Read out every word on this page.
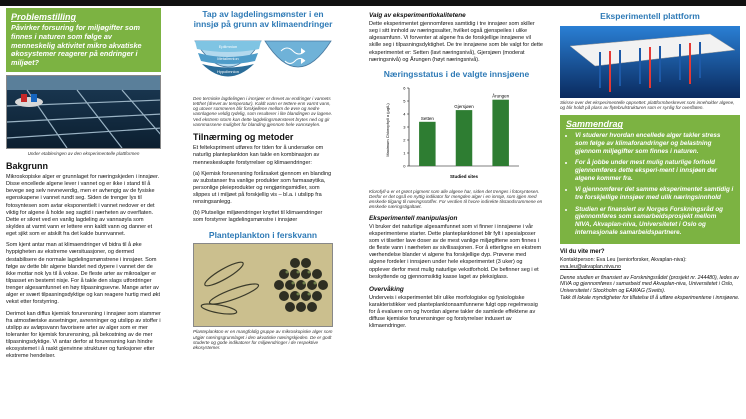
Problemstilling
Påvirker forsuring for miljøgifter som finnes i naturen som følge av menneskelig aktivitet mikro akvatiske økosystemer reagerer på endringer i miljøet?
Under etableringen av den eksperimentelle plattformen
Bakgrunn

Mikroskopiske alger er grunnlaget for næringskjeden i innsjøer. Disse encellede algene lever i vannet og er ikke i stand til å bevege seg selv nevneverdig, men er avhengig av de fysiske egenskapene i vannet rundt seg. Siden de trenger lys til fotosyntesen som avtar eksponentielt i vannet nedover er det viktig for algene å holde seg sagtid i nærheten av overflaten. Dette er sikret ved en vanlig lagdeling av vannsøyla som skyldes at varmt vann er lettere enn kaldt vann og danner et eget sjikt som er atskilt fra det kalde bunnvannet.

Som kjent antar man at klimaendringer vil bidra til å øke hyppigheten av ekstreme værsituasjoner, og dermed destabilisere de normale lagdelingsmønstrene i innsjøer. Som følge av dette blir algene blandet ned dypere i vannet der de ikke mottar nok lys til å vokse. De fleste arter av mikroalger er tilpasset en bestemt nisje. For å takle den slags utfordringer trenger algesamfunnet en høy tilpasningsevne. Mange arter av alger er svært tilpasningsdyktige og kan reagere hurtig med økt vekst etter forstyrring.

Derimot kan diffus kjemisk forurensning i innsjøer som stammer fra atmosfæriske avsetninger, avrenninger og utslipp av stoffer i utslipp av avløpsvann favorisere arter av alger som er mer toleranter for kjemisk forurensning, på bekostning av de mer tilpasningsdyktige. Vi antar derfor at forurensning kan hindre ekosystemet i å raskt gjenvinne strukturer og funksjoner etter ekstreme hendelser.

Tap av lagdelingsmønster i en innsjø på grunn av klimaendringer
Epilimnion
Metalimnion
Hypolimnion
Den termiske lagdelingen i innsjøer er drevet av endringer i vannets tetthet (drevet av temperatur). Kaldt vann er tettere enn varmt vann, og utover sommeren blir forskjellene mellom de øvre og nedre vannlagene veldig tydelig, som resulterer i lite blandingen av lagene. Ved ekstrem storm kan dette lagdelingsmønsteret brytes ned og gir vannmassene mulighet for blanding gjennom hele vannsøylen.
Tilnærming og metoder

Et feltekspriment utføres for tiden for å undersøke om naturlig planteplankton kan takle en kombinasjon av menneskeskapte forstyrrelser og klimaendringer:

(a) Kjemisk forurensning forårsaket gjennom en blanding av substanser fra vanlige produkter som farmasøytika, personlige pleieprodukter og rengjøringsmidler, som slippes ut i miljøet på forskjellig vis – bl.a. i utslipp fra rensingsanlegg.

(b) Plutselige miljøendringer knyttet til klimaendringer som forstyrrer lagdelingsmønstre i innsjøer

Planteplankton i ferskvann
Planteplankton er en mangfoldig gruppe av mikroskopiske alger som utgjør næringsgrunnlaget i den akvatiske næringskjeden. De er godt studerte og gode indikatorer for miljøendringer i de respektive økosystemer.
Valg av eksperimentlokalitetene
Dette eksperimentet gjennomføres samtidig i tre innsjøer som skiller seg i sitt innhold av næringssalter, hvilket også gjenspeiles i ulike algesamfunn. Vi forventer at algene fra de forskjellige innsjøene vil skille seg i tilpasningsdyktighet. De tre innsjøene som ble valgt for dette eksperimentet er: Setten (lavt næringsnivå), Gjersjøen (moderat næringsnivå) og Årungen (høyt næringsnivå).
Næringsstatus i de valgte innsjøene
0
1
2
3
4
5
6
Setten
Gjersjøen
Årungen
Maximum Chlorophyll a (µg/L)
Studied sites
Klorofyll-a er et grønt pigment som alle algene har, siden det trenges i fotosyntesen. Derfor er det også en nyttig indikator for mengden alger i en innsjø, som igjen med ønskede tilgang til næringsstoffer. For verdien til hvore indirekte tilstandsrammene en ønskede næringstigaltaet.
Eksperimentell manipulasjon
Vi bruker det naturlige algesamfunnet som vi finner i innsjøene i vår eksperimentene starter. Dette planteplanktonet blir fylt i spesialposer som vi tilsetter lave doser av de mest vanlige miljøgiftene som finnes i de fleste vann i nærheten av sivilisasjonen. For å etterligne en ekstrem værhendelse blander vi algene fra forskjellige dyp. Prøvene med algene fordeler i innsjøen under hele eksperimentet (3 uker) og opplever derfor mest mulig naturlige vekstforhold. De befinner seg i et beskyttende og gjennomsiktig kasse laget av pleksiglass.
Overvåking
Underveis i eksperimentet blir ulike morfologiske og fysiologiske karakteristikker ved planteplanktonsamfunnene fulgt opp regelmessig for å evaluere om og hvordan algene takler de samlede effektene av diffuse kjemiske forurensninger og forstyrrelser indusert av klimaendringer.
Eksperimentell plattform
Skisse over det eksperimentelle oppsettet: plattformbeskrevet som inneholder algene, og blir holdt på plass av flytebrulstrukturen som er synlig for overflaten.
Sammendrag
• Vi studerer hvordan encellede alger takler stress som følge av klimaforandringer og belastning gjennom miljøgifter som finnes i naturen.
• For å jobbe under mest mulig naturlige forhold gjennomføres dette eksperi-ment i innsjøen der algene kommer fra.
• Vi gjennomfører det samme eksperimentet samtidig i tre forskjellige innsjøer med ulik næringsinnhold
• Studien er finansiert av Norges Forskningsråd og gjennomføres som samarbeidsprosjekt mellom NIVA, Akvaplan-niva, Universitetet i Oslo og internasjonale samarbeidspartnere.
Vil du vite mer?
Kontaktperson: Eva Leu (seniorforsker, Akvaplan-niva):
eva.leu@akvaplan.niva.no
Denne studien er finansiert av Forskningsrådet (prosjekt nr. 244480), ledes av NIVA og gjennomføres i samarbeid med Akvaplan-niva, Universitetet i Oslo, Universitetet i Stockholm og EAWAG (Sveits).
Takk til lokale myndigheter for tillatelse til å utføre eksperimentene i innsjøene.
